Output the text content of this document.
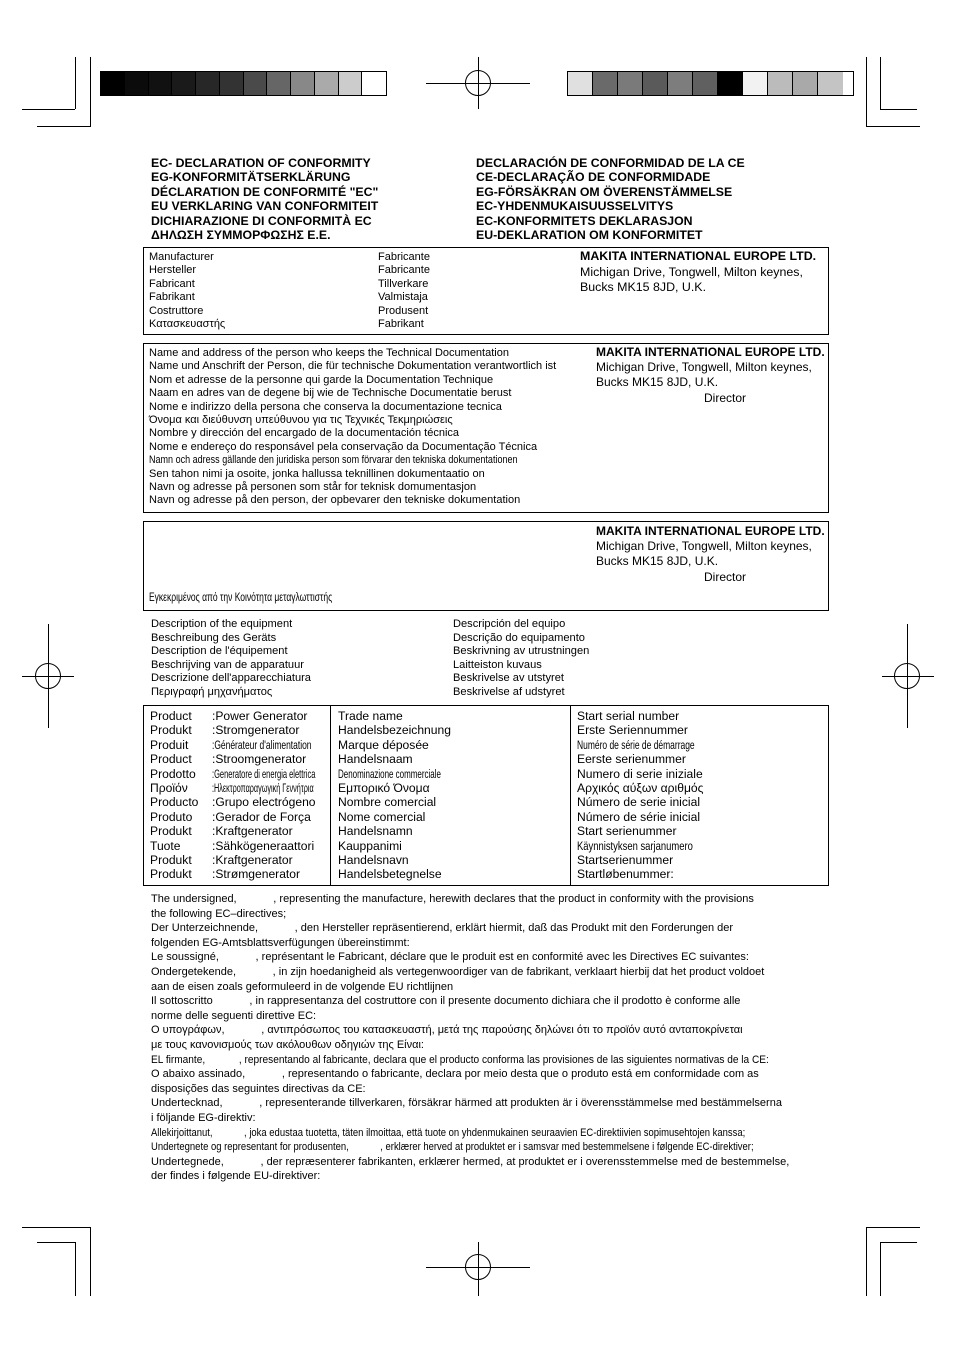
EC- DECLARATION OF CONFORMITY
EG-KONFORMITÄTSERKLÄRUNG
DÉCLARATION DE CONFORMITÉ "EC"
EU VERKLARING VAN CONFORMITEIT
DICHIARAZIONE DI CONFORMITÀ EC
ΔΗΛΩΣΗ ΣΥΜΜΟΡΦΩΣΗΣ Ε.Ε.
DECLARACIÓN DE CONFORMIDAD DE LA CE
CE-DECLARAÇÃO DE CONFORMIDADE
EG-FÖRSÄKRAN OM ÖVERENSTÄMMELSE
EC-YHDENMUKAISUUSSELVITYS
EC-KONFORMITETS DEKLARASJON
EU-DEKLARATION OM KONFORMITET
Manufacturer
Hersteller
Fabricant
Fabrikant
Costruttore
Κατασκευαστής
Fabricante
Fabricante
Tillverkare
Valmistaja
Produsent
Fabrikant
MAKITA INTERNATIONAL EUROPE LTD.
Michigan Drive, Tongwell, Milton keynes,
Bucks MK15 8JD, U.K.
Name and address of the person who keeps the Technical Documentation
Name und Anschrift der Person, die für technische Dokumentation verantwortlich ist
Nom et adresse de la personne qui garde la Documentation Technique
Naam en adres van de degene bij wie de Technische Documentatie berust
Nome e indirizzo della persona che conserva la documentazione tecnica
Όνομα και διεύθυνση υπεύθυνου για τις Τεχνικές Τεκμηριώσεις
Nombre y dirección del encargado de la documentación técnica
Nome e endereço do responsável pela conservação da Documentação Técnica
Namn och adress gällande den juridiska person som förvarar den tekniska dokumentationen
Sen tahon nimi ja osoite, jonka hallussa teknillinen dokumentaatio on
Navn og adresse på personen som står for teknisk domumentasjon
Navn og adresse på den person, der opbevarer den tekniske dokumentation
MAKITA INTERNATIONAL EUROPE LTD.
Michigan Drive, Tongwell, Milton keynes,
Bucks MK15 8JD, U.K.
Director
MAKITA INTERNATIONAL EUROPE LTD.
Michigan Drive, Tongwell, Milton keynes,
Bucks MK15 8JD, U.K.
Director
Εγκεκριμένος από την Κοινότητα μεταγλωττιστής
Description of the equipment
Beschreibung des Geräts
Description de l'équipement
Beschrijving van de apparatuur
Descrizione dell'apparecchiatura
Περιγραφή μηχανήματος
Descripción del equipo
Descrição do equipamento
Beskrivning av utrustningen
Laitteiston kuvaus
Beskrivelse av utstyret
Beskrivelse af udstyret
Product :Power Generator
Produkt :Stromgenerator
Produit :Générateur d'alimentation
Product :Stroomgenerator
Prodotto :Generatore di energia elettrica
Προϊόν :Ηλεκτροπαραγωγική Γεννήτρια
Producto :Grupo electrógeno
Produto :Gerador de Força
Produkt :Kraftgenerator
Tuote	:Sähkögeneraattori
Produkt :Kraftgenerator
Produkt :Strømgenerator
Trade name
Handelsbezeichnung
Marque déposée
Handelsnaam
Denominazione commerciale
Εμπορικό Όνομα
Nombre comercial
Nome comercial
Handelsnamn
Kauppanimi
Handelsnavn
Handelsbetegnelse
Start serial number
Erste Seriennummer
Numéro de série de démarrage
Eerste serienummer
Numero di serie iniziale
Αρχικός αύξων αριθμός
Número de serie inicial
Número de série inicial
Start serienummer
Käynnistyksen sarjanumero
Startserienummer
Startløbenummer:
The undersigned,            , representing the manufacture, herewith declares that the product in conformity with the provisions
the following EC–directives;
Der Unterzeichnende,            , den Hersteller repräsentierend, erklärt hiermit, daß das Produkt mit den Forderungen der
folgenden EG-Amtsblattsverfügungen übereinstimmt:
Le soussigné,            , représentant le Fabricant, déclare que le produit est en conformité avec les Directives EC suivantes:
Ondergetekende,            , in zijn hoedanigheid als vertegenwoordiger van de fabrikant, verklaart hierbij dat het product voldoet
aan de eisen zoals geformuleerd in de volgende EU richtlijnen
Il sottoscritto            , in rappresentanza del costruttore con il presente documento dichiara che il prodotto è conforme alle
norme delle seguenti direttive EC:
Ο υπογράφων,            , αντιπρόσωπος του κατασκευαστή, μετά της παρούσης δηλώνει ότι το προϊόν αυτό ανταποκρίνεται
με τους κανονισμούς των ακόλουθων οδηγιών της Είναι:
EL firmante,            , representando al fabricante, declara que el producto conforma las provisiones de las siguientes normativas de la CE:
O abaixo assinado,            , representando o fabricante, declara por meio desta que o produto está em conformidade com as
disposições das seguintes directivas da CE:
Undertecknad,            , representerande tillverkaren, försäkrar härmed att produkten är i överensstämmelse med bestämmelserna
i följande EG-direktiv:
Allekirjoittanut,            , joka edustaa tuotetta, täten ilmoittaa, että tuote on yhdenmukainen seuraavien EC-direktiivien sopimusehtojen kanssa;
Undertegnete og representant for produsenten,            , erklærer herved at produktet er i samsvar med bestemmelsene i følgende EC-direktiver;
Undertegnede,            , der repræsenterer fabrikanten, erklærer hermed, at produktet er i overensstemmelse med de bestemmelse,
der findes i følgende EU-direktiver:
